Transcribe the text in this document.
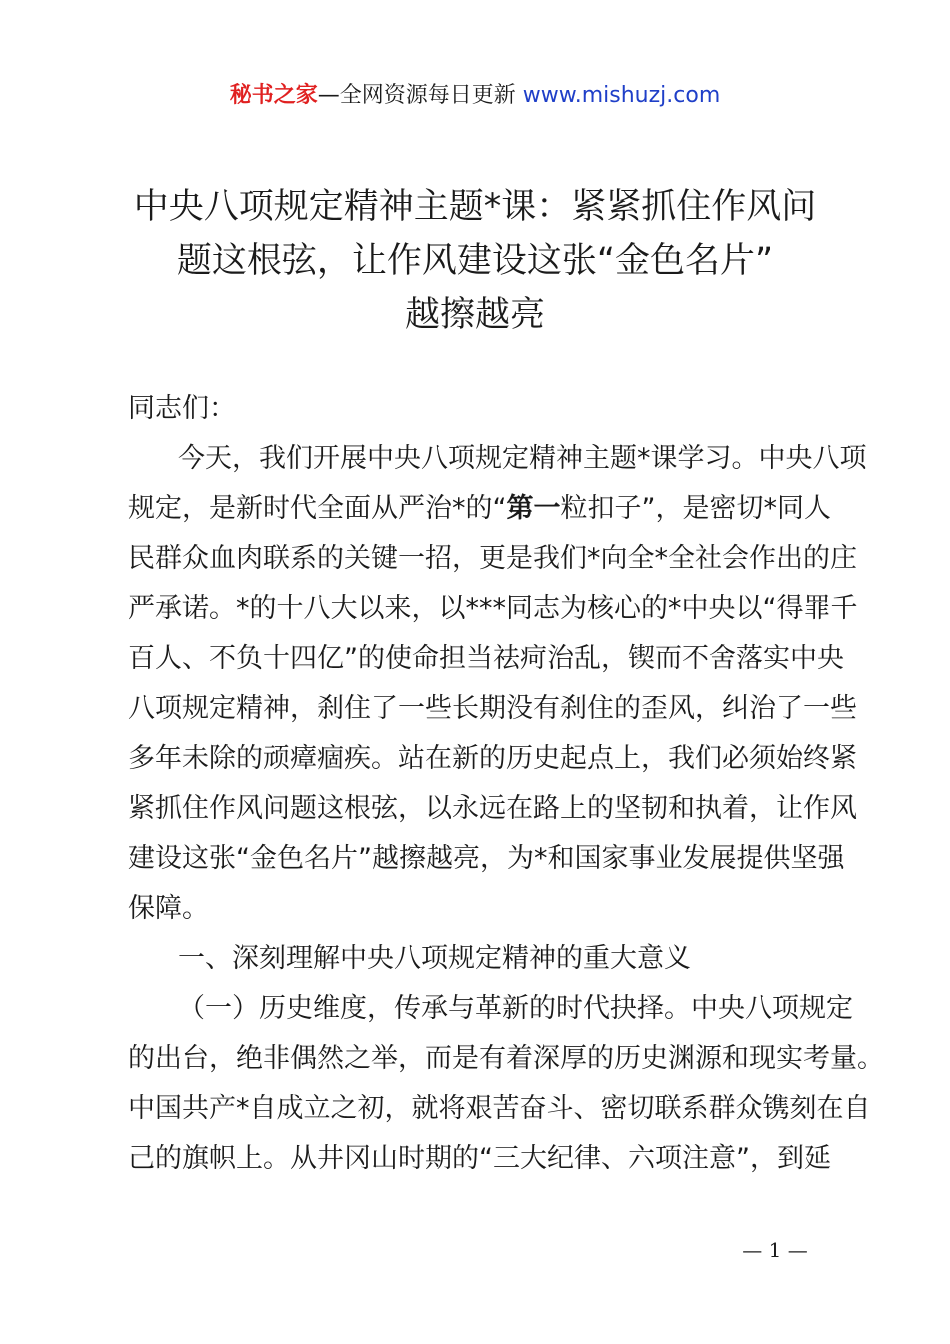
秘书之家—全网资源每日更新 www.mishuzj.com
中央八项规定精神主题*课：紧紧抓住作风问
题这根弦，让作风建设这张“金色名片”
越擦越亮
同志们：
今天，我们开展中央八项规定精神主题*课学习。中央八项
规定，是新时代全面从严治*的“第一粒扣子”，是密切*同人
民群众血肉联系的关键一招，更是我们*向全*全社会作出的庄
严承诺。*的十八大以来，以***同志为核心的*中央以“得罪千
百人、不负十四亿”的使命担当祛疴治乱，锲而不舍落实中央
八项规定精神，刹住了一些长期没有刹住的歪风，纠治了一些
多年未除的顽瘴痼疾。站在新的历史起点上，我们必须始终紧
紧抓住作风问题这根弦，以永远在路上的坚韧和执着，让作风
建设这张“金色名片”越擦越亮，为*和国家事业发展提供坚强
保障。
一、深刻理解中央八项规定精神的重大意义
（一）历史维度，传承与革新的时代抉择。中央八项规定
的出台，绝非偶然之举，而是有着深厚的历史渊源和现实考量。
中国共产*自成立之初，就将艰苦奋斗、密切联系群众镌刻在自
己的旗帜上。从井冈山时期的“三大纪律、六项注意”，到延
— 1 —
